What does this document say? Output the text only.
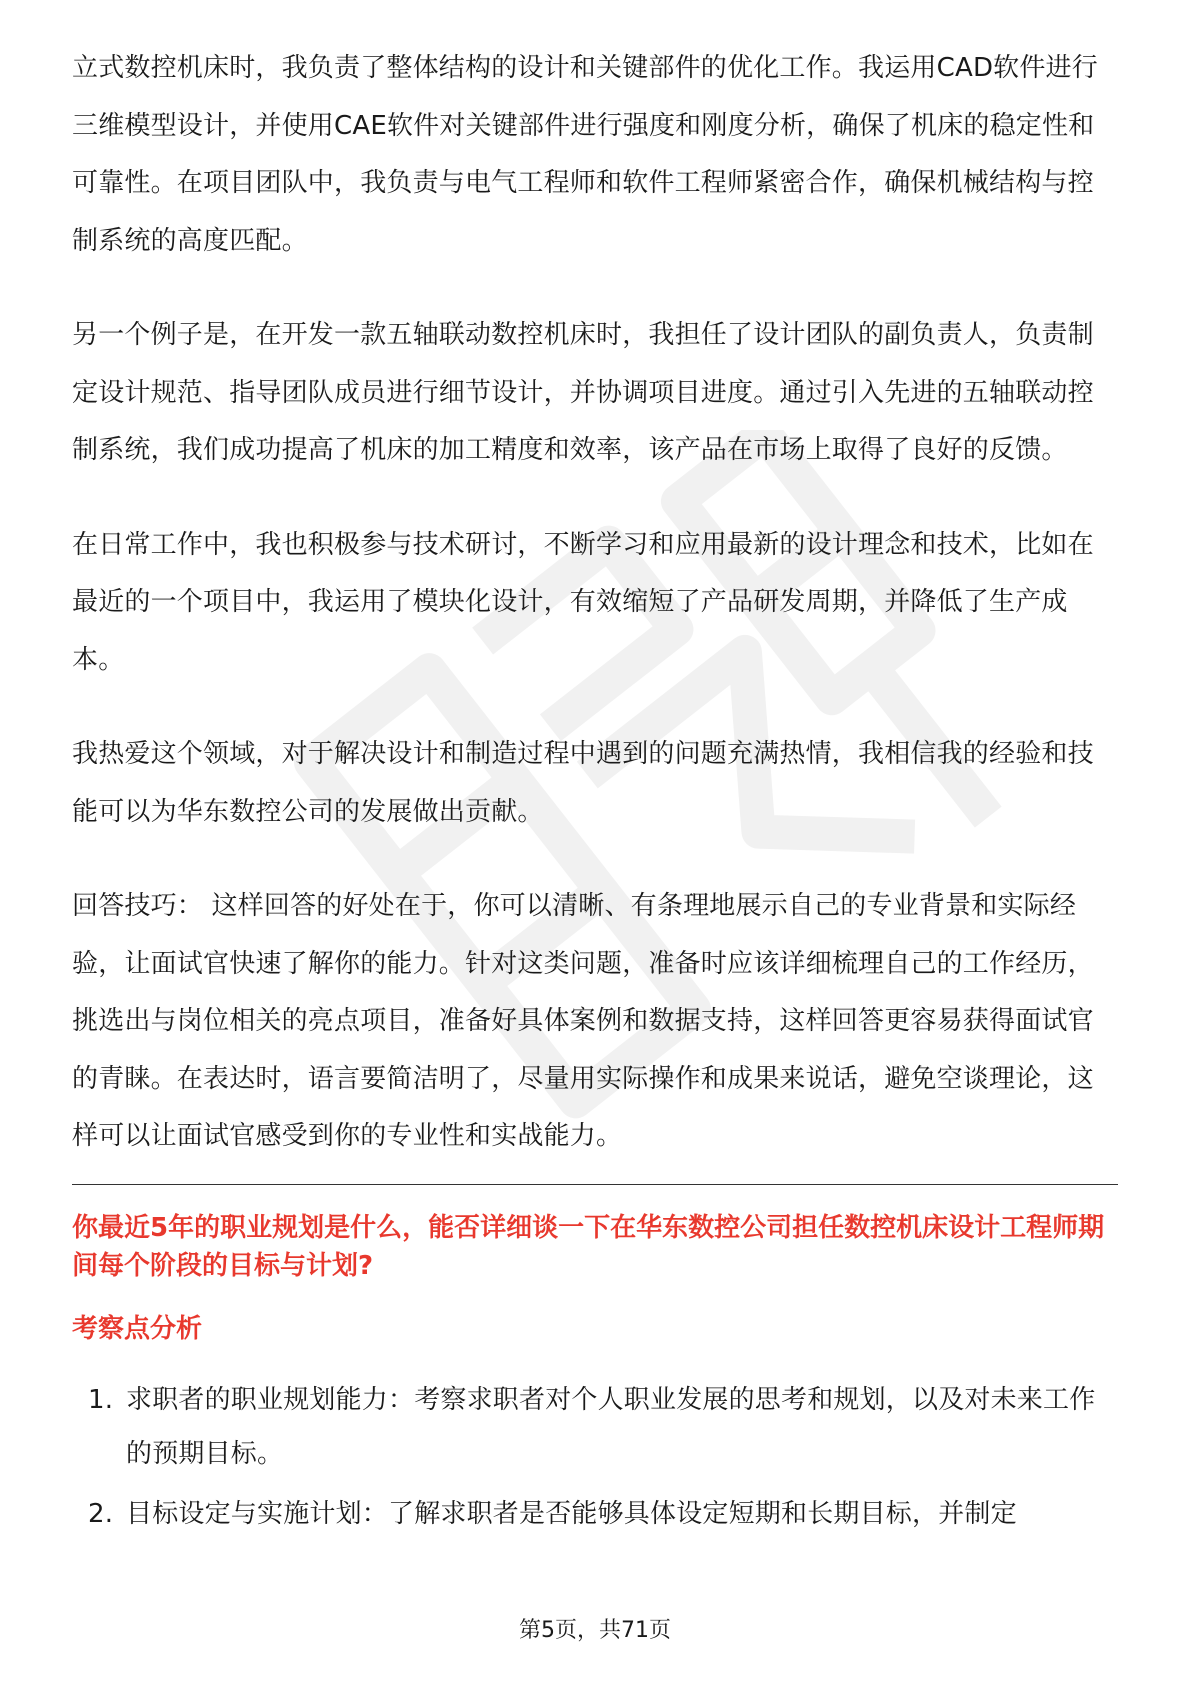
立式数控机床时，我负责了整体结构的设计和关键部件的优化工作。我运用CAD软件进行三维模型设计，并使用CAE软件对关键部件进行强度和刚度分析，确保了机床的稳定性和可靠性。在项目团队中，我负责与电气工程师和软件工程师紧密合作，确保机械结构与控制系统的高度匹配。

另一个例子是，在开发一款五轴联动数控机床时，我担任了设计团队的副负责人，负责制定设计规范、指导团队成员进行细节设计，并协调项目进度。通过引入先进的五轴联动控制系统，我们成功提高了机床的加工精度和效率，该产品在市场上取得了良好的反馈。

在日常工作中，我也积极参与技术研讨，不断学习和应用最新的设计理念和技术，比如在最近的一个项目中，我运用了模块化设计，有效缩短了产品研发周期，并降低了生产成本。

我热爱这个领域，对于解决设计和制造过程中遇到的问题充满热情，我相信我的经验和技能可以为华东数控公司的发展做出贡献。

回答技巧： 这样回答的好处在于，你可以清晰、有条理地展示自己的专业背景和实际经验，让面试官快速了解你的能力。针对这类问题，准备时应该详细梳理自己的工作经历，挑选出与岗位相关的亮点项目，准备好具体案例和数据支持，这样回答更容易获得面试官的青睐。在表达时，语言要简洁明了，尽量用实际操作和成果来说话，避免空谈理论，这样可以让面试官感受到你的专业性和实战能力。

你最近5年的职业规划是什么，能否详细谈一下在华东数控公司担任数控机床设计工程师期间每个阶段的目标与计划?
考察点分析
1. 求职者的职业规划能力：考察求职者对个人职业发展的思考和规划，以及对未来工作的预期目标。
2. 目标设定与实施计划：了解求职者是否能够具体设定短期和长期目标，并制定
第5页，共71页
